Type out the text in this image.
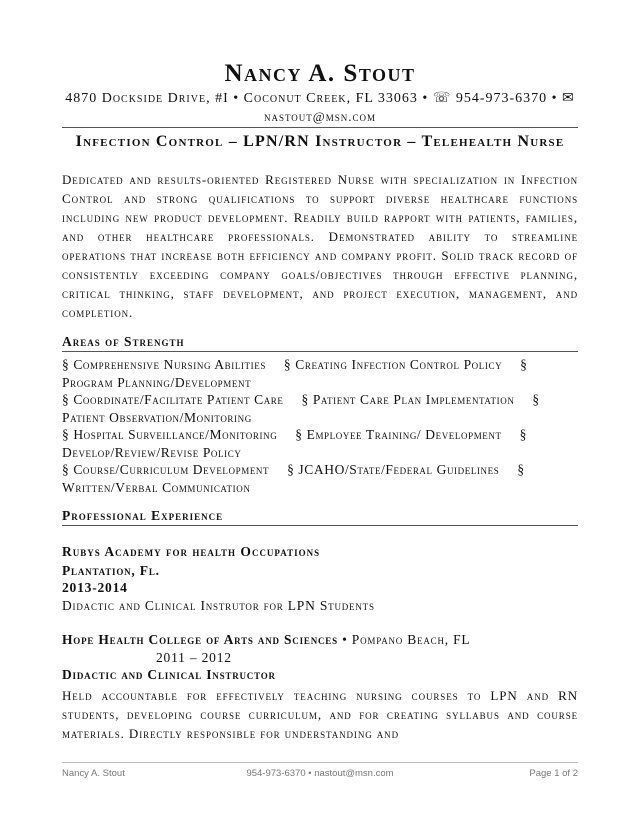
Nancy A. Stout
4870 Dockside Drive, #I • Coconut Creek, FL 33063 • ☏ 954-973-6370 • ✉
nastout@msn.com
Infection Control – LPN/RN Instructor – Telehealth Nurse
Dedicated and results-oriented Registered Nurse with specialization in Infection Control and strong qualifications to support diverse healthcare functions including new product development. Readily build rapport with patients, families, and other healthcare professionals. Demonstrated ability to streamline operations that increase both efficiency and company profit. Solid track record of consistently exceeding company goals/objectives through effective planning, critical thinking, staff development, and project execution, management, and completion.
Areas of Strength
§ Comprehensive Nursing Abilities § Creating Infection Control Policy § Program Planning/Development
§ Coordinate/Facilitate Patient Care § Patient Care Plan Implementation § Patient Observation/Monitoring
§ Hospital Surveillance/Monitoring § Employee Training/ Development § Develop/Review/Revise Policy
§ Course/Curriculum Development § JCAHO/State/Federal Guidelines § Written/Verbal Communication
Professional Experience
Rubys Academy for health Occupations
Plantation, Fl.
2013-2014
Didactic and Clinical Instrutor for LPN Students
Hope Health College of Arts and Sciences • Pompano Beach, FL
2011 – 2012
Didactic and Clinical Instructor
Held accountable for effectively teaching nursing courses to LPN and RN students, developing course curriculum, and for creating syllabus and course materials. Directly responsible for understanding and
Nancy A. Stout	954-973-6370 • nastout@msn.com	Page 1 of 2
